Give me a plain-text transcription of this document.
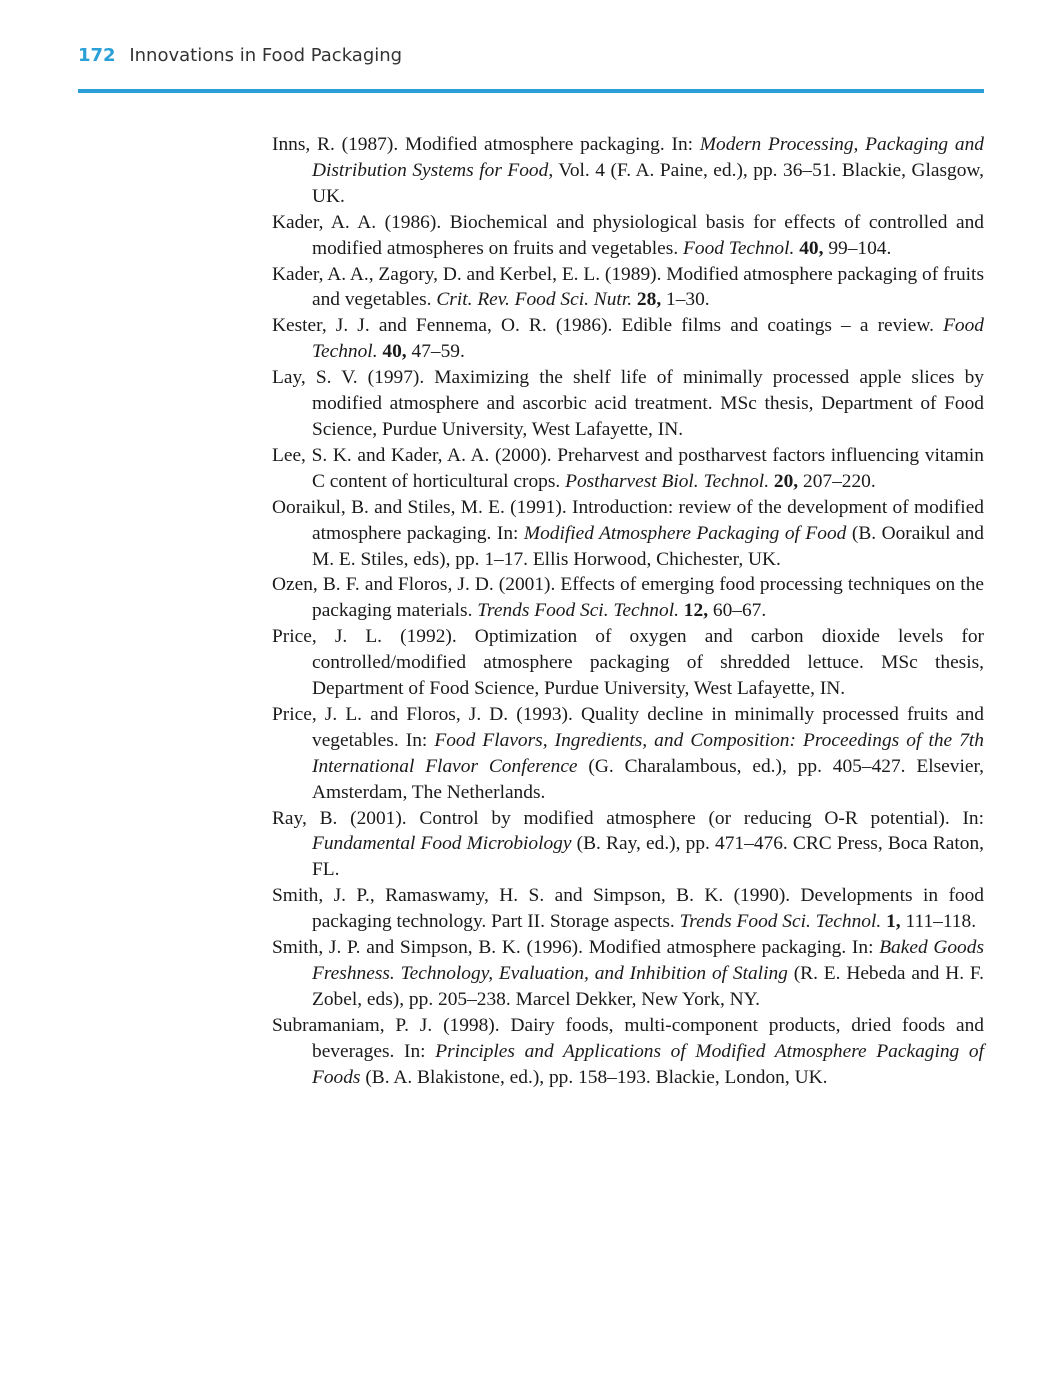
172 Innovations in Food Packaging

Inns, R. (1987). Modified atmosphere packaging. In: Modern Processing, Packaging and Distribution Systems for Food, Vol. 4 (F. A. Paine, ed.), pp. 36–51. Blackie, Glasgow, UK.

Kader, A. A. (1986). Biochemical and physiological basis for effects of controlled and modified atmospheres on fruits and vegetables. Food Technol. 40, 99–104.

Kader, A. A., Zagory, D. and Kerbel, E. L. (1989). Modified atmosphere packaging of fruits and vegetables. Crit. Rev. Food Sci. Nutr. 28, 1–30.

Kester, J. J. and Fennema, O. R. (1986). Edible films and coatings – a review. Food Technol. 40, 47–59.

Lay, S. V. (1997). Maximizing the shelf life of minimally processed apple slices by modified atmosphere and ascorbic acid treatment. MSc thesis, Department of Food Science, Purdue University, West Lafayette, IN.

Lee, S. K. and Kader, A. A. (2000). Preharvest and postharvest factors influencing vitamin C content of horticultural crops. Postharvest Biol. Technol. 20, 207–220.

Ooraikul, B. and Stiles, M. E. (1991). Introduction: review of the development of modified atmosphere packaging. In: Modified Atmosphere Packaging of Food (B. Ooraikul and M. E. Stiles, eds), pp. 1–17. Ellis Horwood, Chichester, UK.

Ozen, B. F. and Floros, J. D. (2001). Effects of emerging food processing techniques on the packaging materials. Trends Food Sci. Technol. 12, 60–67.

Price, J. L. (1992). Optimization of oxygen and carbon dioxide levels for controlled/modified atmosphere packaging of shredded lettuce. MSc thesis, Department of Food Science, Purdue University, West Lafayette, IN.

Price, J. L. and Floros, J. D. (1993). Quality decline in minimally processed fruits and vegetables. In: Food Flavors, Ingredients, and Composition: Proceedings of the 7th International Flavor Conference (G. Charalambous, ed.), pp. 405–427. Elsevier, Amsterdam, The Netherlands.

Ray, B. (2001). Control by modified atmosphere (or reducing O-R potential). In: Fundamental Food Microbiology (B. Ray, ed.), pp. 471–476. CRC Press, Boca Raton, FL.

Smith, J. P., Ramaswamy, H. S. and Simpson, B. K. (1990). Developments in food packaging technology. Part II. Storage aspects. Trends Food Sci. Technol. 1, 111–118.

Smith, J. P. and Simpson, B. K. (1996). Modified atmosphere packaging. In: Baked Goods Freshness. Technology, Evaluation, and Inhibition of Staling (R. E. Hebeda and H. F. Zobel, eds), pp. 205–238. Marcel Dekker, New York, NY.

Subramaniam, P. J. (1998). Dairy foods, multi-component products, dried foods and beverages. In: Principles and Applications of Modified Atmosphere Packaging of Foods (B. A. Blakistone, ed.), pp. 158–193. Blackie, London, UK.
